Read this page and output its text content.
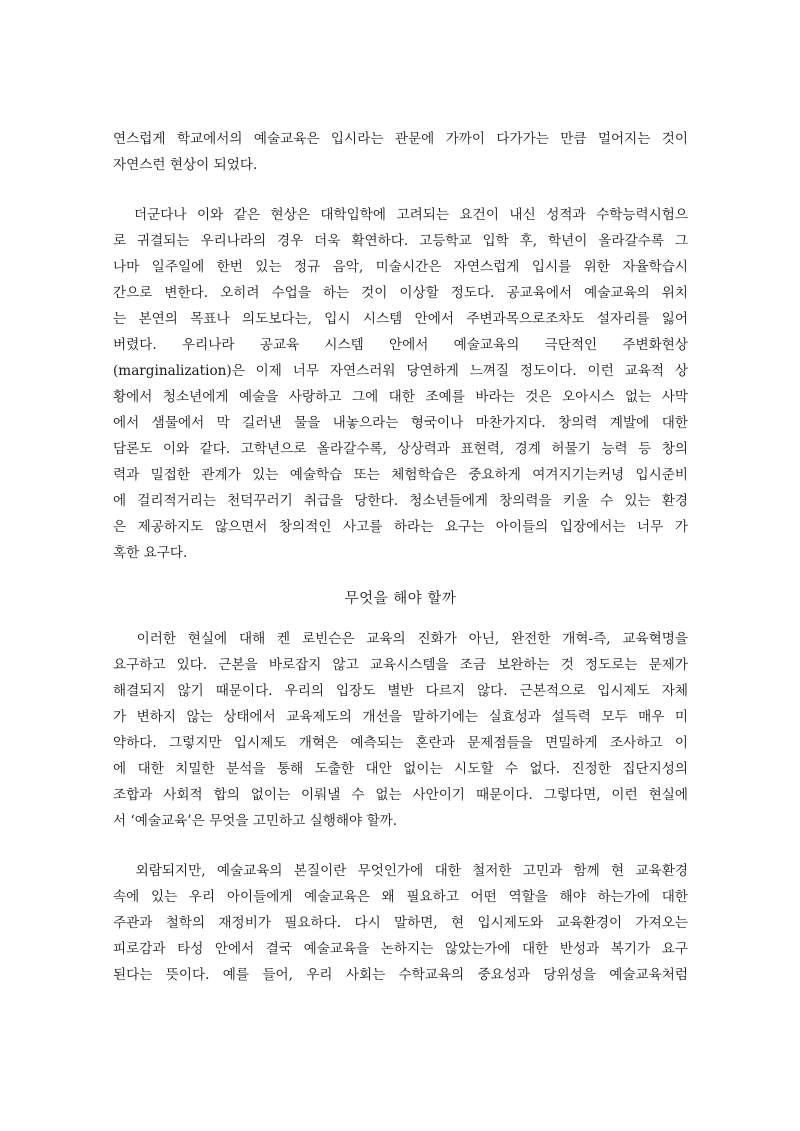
연스럽게 학교에서의 예술교육은 입시라는 관문에 가까이 다가가는 만큼 멀어지는 것이
자연스런 현상이 되었다.
더군다나 이와 같은 현상은 대학입학에 고려되는 요건이 내신 성적과 수학능력시험으
로 귀결되는 우리나라의 경우 더욱 확연하다. 고등학교 입학 후, 학년이 올라갈수록 그
나마 일주일에 한번 있는 정규 음악, 미술시간은 자연스럽게 입시를 위한 자율학습시
간으로 변한다. 오히려 수업을 하는 것이 이상할 정도다. 공교육에서 예술교육의 위치
는 본연의 목표나 의도보다는, 입시 시스템 안에서 주변과목으로조차도 설자리를 잃어
버렸다. 우리나라 공교육 시스템 안에서 예술교육의 극단적인 주변화현상
(marginalization)은 이제 너무 자연스러워 당연하게 느껴질 정도이다. 이런 교육적 상
황에서 청소년에게 예술을 사랑하고 그에 대한 조예를 바라는 것은 오아시스 없는 사막
에서 샘물에서 막 길러낸 물을 내놓으라는 형국이나 마찬가지다. 창의력 계발에 대한
담론도 이와 같다. 고학년으로 올라갈수록, 상상력과 표현력, 경계 허물기 능력 등 창의
력과 밀접한 관계가 있는 예술학습 또는 체험학습은 중요하게 여겨지기는커녕 입시준비
에 걸리적거리는 천덕꾸러기 취급을 당한다. 청소년들에게 창의력을 키울 수 있는 환경
은 제공하지도 않으면서 창의적인 사고를 하라는 요구는 아이들의 입장에서는 너무 가
혹한 요구다.
무엇을 해야 할까
이러한 현실에 대해 켄 로빈슨은 교육의 진화가 아닌, 완전한 개혁-즉, 교육혁명을
요구하고 있다. 근본을 바로잡지 않고 교육시스템을 조금 보완하는 것 정도로는 문제가
해결되지 않기 때문이다. 우리의 입장도 별반 다르지 않다. 근본적으로 입시제도 자체
가 변하지 않는 상태에서 교육제도의 개선을 말하기에는 실효성과 설득력 모두 매우 미
약하다. 그렇지만 입시제도 개혁은 예측되는 혼란과 문제점들을 면밀하게 조사하고 이
에 대한 치밀한 분석을 통해 도출한 대안 없이는 시도할 수 없다. 진정한 집단지성의
조합과 사회적 합의 없이는 이뤄낼 수 없는 사안이기 때문이다. 그렇다면, 이런 현실에
서 ‘예술교육’은 무엇을 고민하고 실행해야 할까.
외람되지만, 예술교육의 본질이란 무엇인가에 대한 철저한 고민과 함께 현 교육환경
속에 있는 우리 아이들에게 예술교육은 왜 필요하고 어떤 역할을 해야 하는가에 대한
주관과 철학의 재정비가 필요하다. 다시 말하면, 현 입시제도와 교육환경이 가져오는
피로감과 타성 안에서 결국 예술교육을 논하지는 않았는가에 대한 반성과 복기가 요구
된다는 뜻이다. 예를 들어, 우리 사회는 수학교육의 중요성과 당위성을 예술교육처럼
